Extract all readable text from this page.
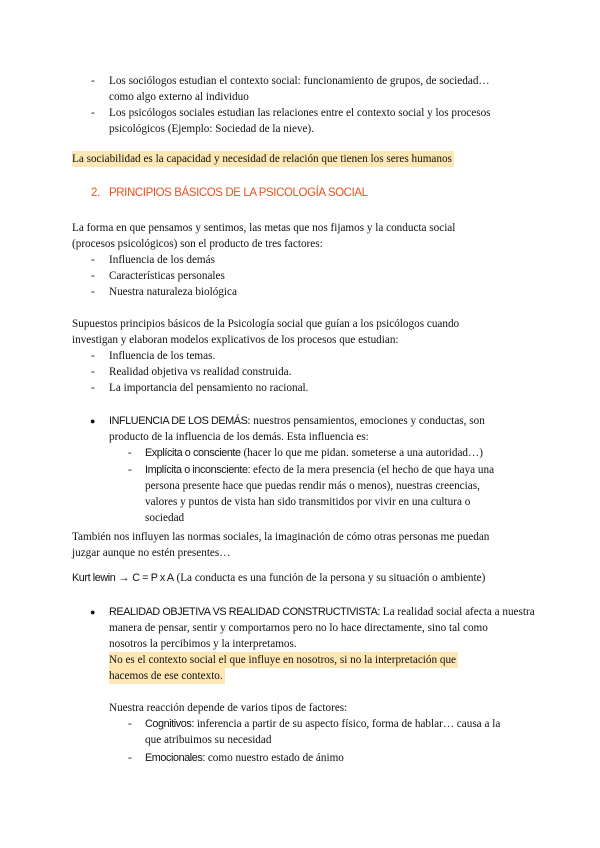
- Los sociólogos estudian el contexto social: funcionamiento de grupos, de sociedad…
como algo externo al individuo
- Los psicólogos sociales estudian las relaciones entre el contexto social y los procesos
psicológicos (Ejemplo: Sociedad de la nieve).
La sociabilidad es la capacidad y necesidad de relación que tienen los seres humanos
2. PRINCIPIOS BÁSICOS DE LA PSICOLOGÍA SOCIAL
La forma en que pensamos y sentimos, las metas que nos fijamos y la conducta social
(procesos psicológicos) son el producto de tres factores:
- Influencia de los demás
- Características personales
- Nuestra naturaleza biológica
Supuestos principios básicos de la Psicología social que guían a los psicólogos cuando
investigan y elaboran modelos explicativos de los procesos que estudian:
- Influencia de los temas.
- Realidad objetiva vs realidad construida.
- La importancia del pensamiento no racional.
● INFLUENCIA DE LOS DEMÁS: nuestros pensamientos, emociones y conductas, son
producto de la influencia de los demás. Esta influencia es:
- Explícita o consciente (hacer lo que me pidan. someterse a una autoridad…)
- Implícita o inconsciente: efecto de la mera presencia (el hecho de que haya una
persona presente hace que puedas rendir más o menos), nuestras creencias,
valores y puntos de vista han sido transmitidos por vivir en una cultura o
sociedad
También nos influyen las normas sociales, la imaginación de cómo otras personas me puedan
juzgar aunque no estén presentes…
Kurt lewin → C = P x A (La conducta es una función de la persona y su situación o ambiente)
● REALIDAD OBJETIVA VS REALIDAD CONSTRUCTIVISTA: La realidad social afecta a nuestra
manera de pensar, sentir y comportarnos pero no lo hace directamente, sino tal como
nosotros la percibimos y la interpretamos.
No es el contexto social el que influye en nosotros, si no la interpretación que
hacemos de ese contexto.
Nuestra reacción depende de varios tipos de factores:
- Cognitivos: inferencia a partir de su aspecto físico, forma de hablar… causa a la
que atribuimos su necesidad
- Emocionales: como nuestro estado de ánimo
